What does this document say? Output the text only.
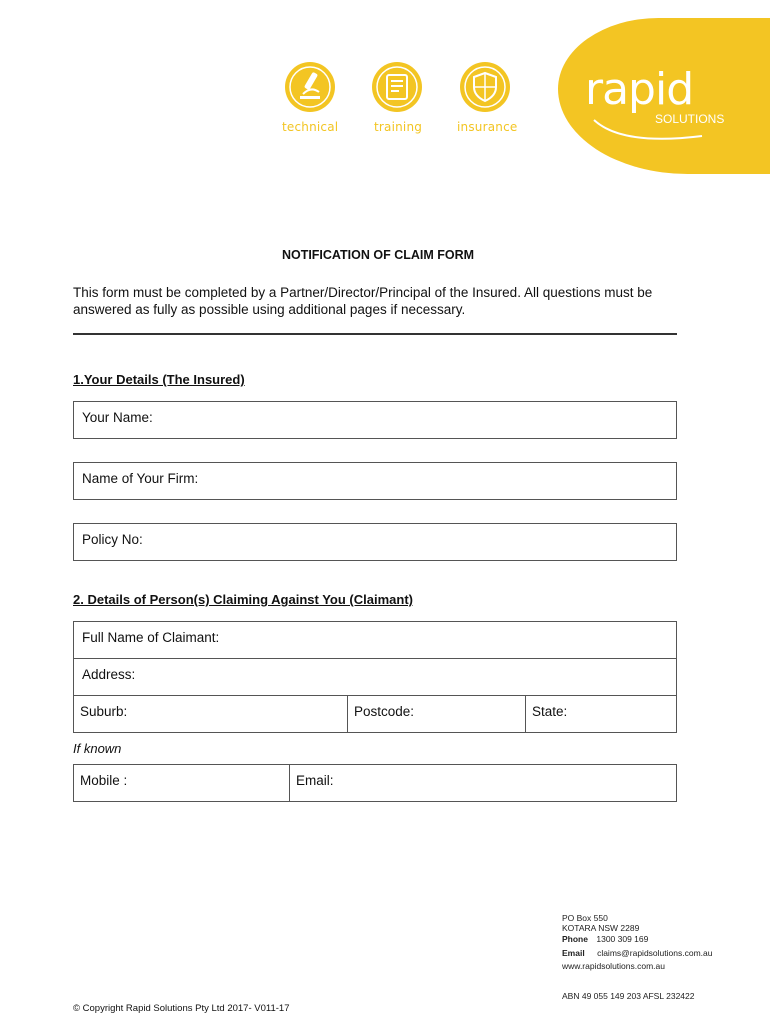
technical	training	insurance
rapid
SOLUTIONS
NOTIFICATION OF CLAIM FORM
This form must be completed by a Partner/Director/Principal of the Insured. All questions must be answered as fully as possible using additional pages if necessary.
1.Your Details (The Insured)
Your Name:
Name of Your Firm:
Policy No:
2. Details of Person(s) Claiming Against You (Claimant)
Full Name of Claimant:
Address:
Suburb:	Postcode:	State:
If known
Mobile :	Email:
PO Box 550
KOTARA NSW 2289
Phone 1300 309 169
Email claims@rapidsolutions.com.au
www.rapidsolutions.com.au
ABN 49 055 149 203 AFSL 232422
© Copyright Rapid Solutions Pty Ltd 2017- V011-17
